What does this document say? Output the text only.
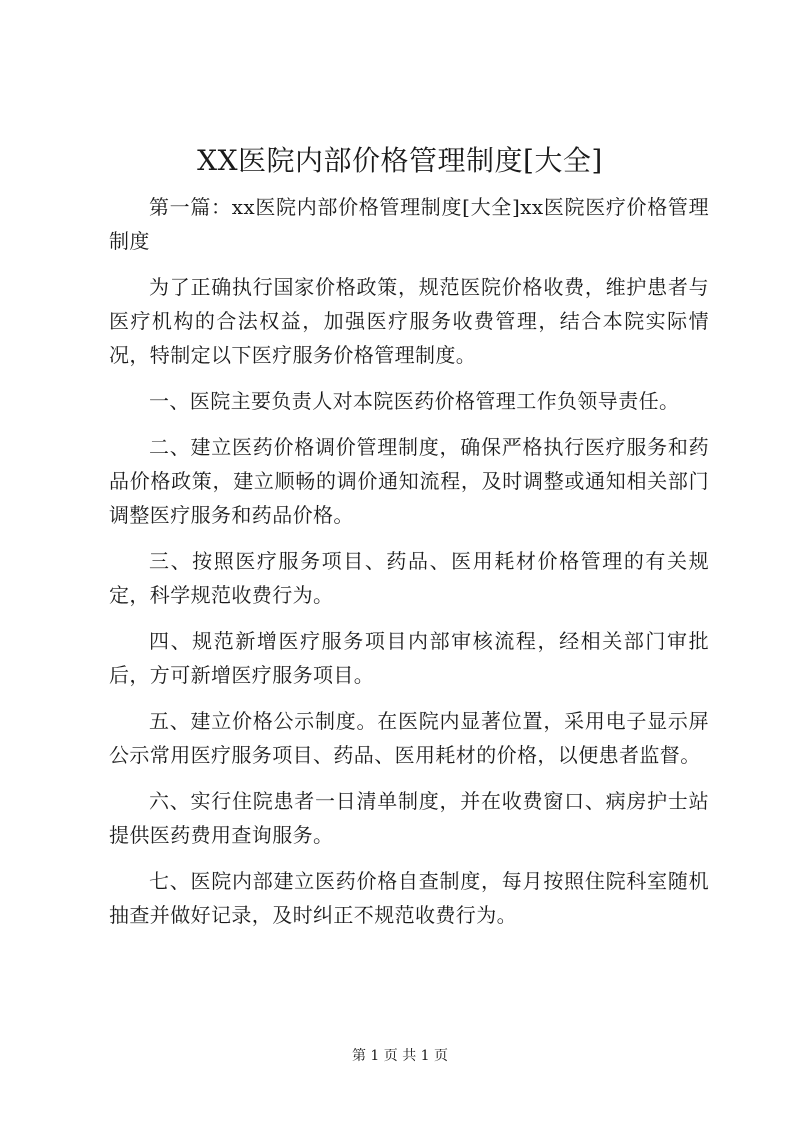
XX医院内部价格管理制度[大全]

第一篇：xx医院内部价格管理制度[大全]xx医院医疗价格管理制度

为了正确执行国家价格政策，规范医院价格收费，维护患者与医疗机构的合法权益，加强医疗服务收费管理，结合本院实际情况，特制定以下医疗服务价格管理制度。

一、医院主要负责人对本院医药价格管理工作负领导责任。

二、建立医药价格调价管理制度，确保严格执行医疗服务和药品价格政策，建立顺畅的调价通知流程，及时调整或通知相关部门调整医疗服务和药品价格。

三、按照医疗服务项目、药品、医用耗材价格管理的有关规定，科学规范收费行为。

四、规范新增医疗服务项目内部审核流程，经相关部门审批后，方可新增医疗服务项目。

五、建立价格公示制度。在医院内显著位置，采用电子显示屏公示常用医疗服务项目、药品、医用耗材的价格，以便患者监督。

六、实行住院患者一日清单制度，并在收费窗口、病房护士站提供医药费用查询服务。

七、医院内部建立医药价格自查制度，每月按照住院科室随机抽查并做好记录，及时纠正不规范收费行为。

第 1 页 共 1 页
